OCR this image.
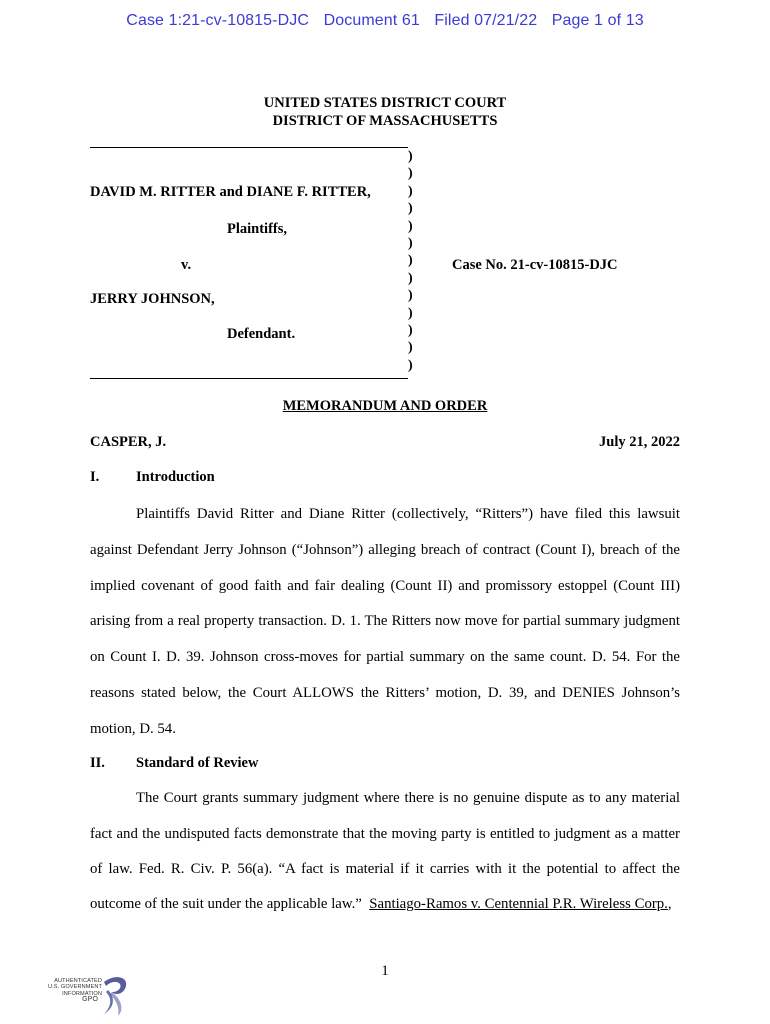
Case 1:21-cv-10815-DJC Document 61 Filed 07/21/22 Page 1 of 13
UNITED STATES DISTRICT COURT
DISTRICT OF MASSACHUSETTS
)
)
)
)
)
)
)
)
)
)
)
)
)
DAVID M. RITTER and DIANE F. RITTER,
Plaintiffs,
v.
JERRY JOHNSON,
Defendant.
Case No. 21-cv-10815-DJC
MEMORANDUM AND ORDER
CASPER, J.	July 21, 2022
I.	Introduction
Plaintiffs David Ritter and Diane Ritter (collectively, “Ritters”) have filed this lawsuit
against Defendant Jerry Johnson (“Johnson”) alleging breach of contract (Count I), breach of the
implied covenant of good faith and fair dealing (Count II) and promissory estoppel (Count III)
arising from a real property transaction. D. 1. The Ritters now move for partial summary judgment
on Count I. D. 39. Johnson cross-moves for partial summary on the same count. D. 54. For the
reasons stated below, the Court ALLOWS the Ritters’ motion, D. 39, and DENIES Johnson’s
motion, D. 54.
II. Standard of Review
The Court grants summary judgment where there is no genuine dispute as to any material
fact and the undisputed facts demonstrate that the moving party is entitled to judgment as a matter
of law. Fed. R. Civ. P. 56(a). “A fact is material if it carries with it the potential to affect the
outcome of the suit under the applicable law.”  Santiago-Ramos v. Centennial P.R. Wireless Corp.,
1
AUTHENTICATED
U.S. GOVERNMENT
INFORMATION
GPO
